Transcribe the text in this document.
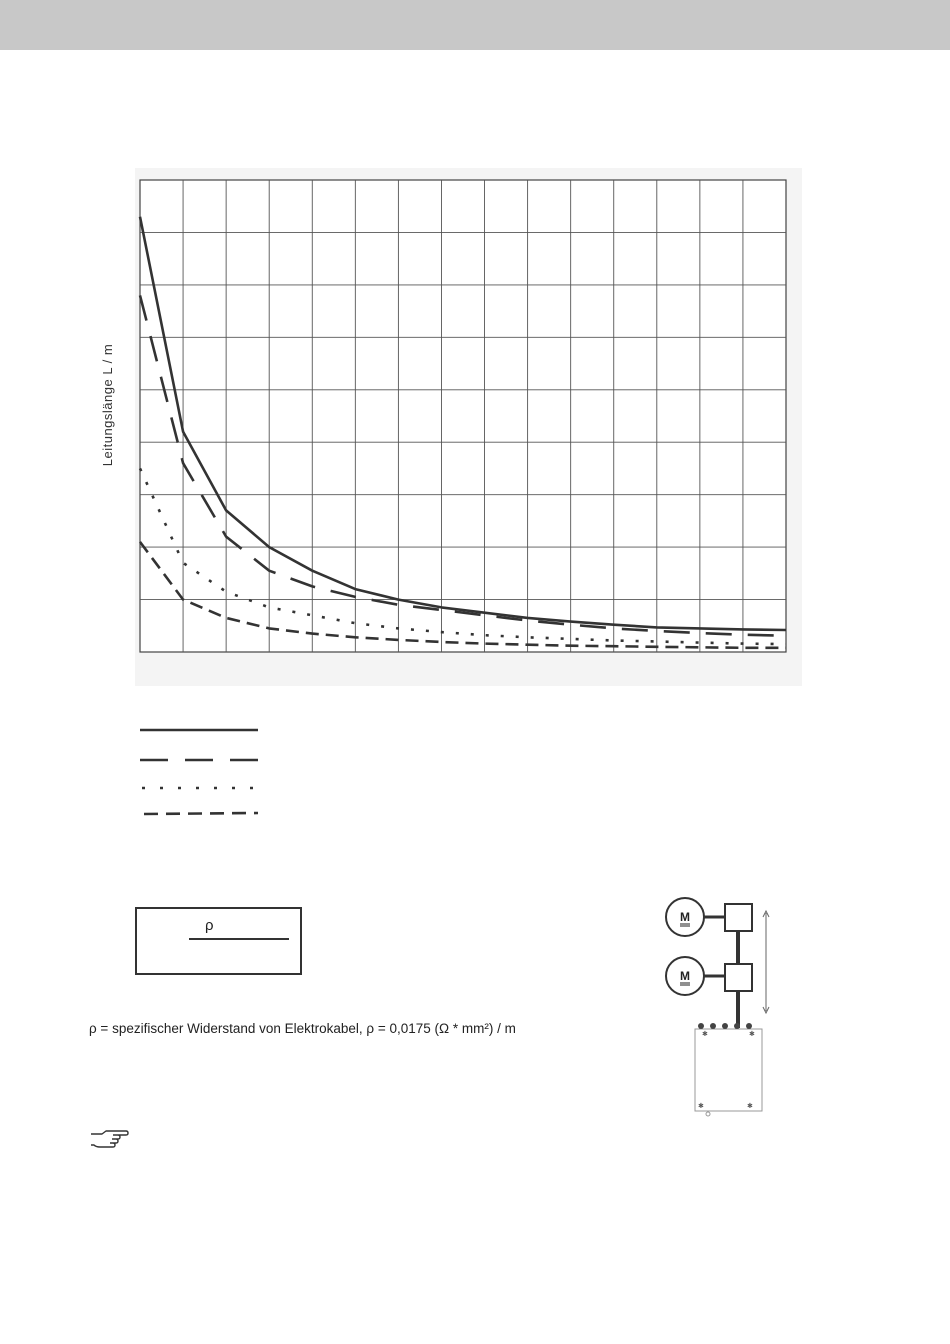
Leitungslänge L / m
ρ
ρ = spezifischer Widerstand von Elektrokabel, ρ = 0,0175 (Ω * mm²) / m
M
M
✱	✱
✱	✱
